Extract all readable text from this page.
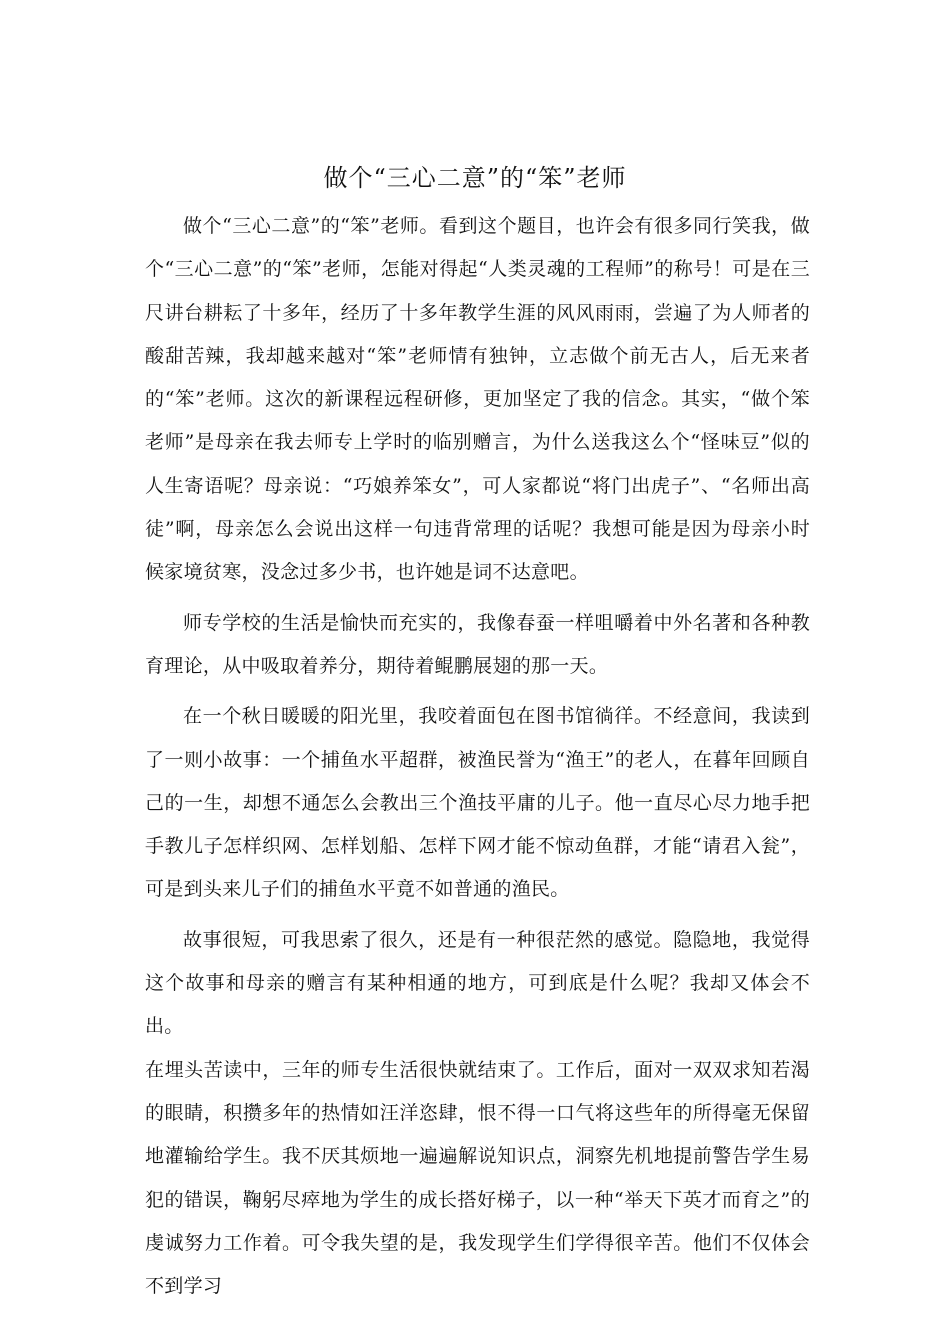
做个“三心二意”的“笨”老师

做个“三心二意”的“笨”老师。看到这个题目，也许会有很多同行笑我，做个“三心二意”的“笨”老师，怎能对得起“人类灵魂的工程师”的称号！可是在三尺讲台耕耘了十多年，经历了十多年教学生涯的风风雨雨，尝遍了为人师者的酸甜苦辣，我却越来越对“笨”老师情有独钟，立志做个前无古人，后无来者的“笨”老师。这次的新课程远程研修，更加坚定了我的信念。其实，“做个笨老师”是母亲在我去师专上学时的临别赠言，为什么送我这么个“怪味豆”似的人生寄语呢？母亲说：“巧娘养笨女”，可人家都说“将门出虎子”、“名师出高徒”啊，母亲怎么会说出这样一句违背常理的话呢？我想可能是因为母亲小时候家境贫寒，没念过多少书，也许她是词不达意吧。

师专学校的生活是愉快而充实的，我像春蚕一样咀嚼着中外名著和各种教育理论，从中吸取着养分，期待着鲲鹏展翅的那一天。

在一个秋日暖暖的阳光里，我咬着面包在图书馆徜徉。不经意间，我读到了一则小故事：一个捕鱼水平超群，被渔民誉为“渔王”的老人，在暮年回顾自己的一生，却想不通怎么会教出三个渔技平庸的儿子。他一直尽心尽力地手把手教儿子怎样织网、怎样划船、怎样下网才能不惊动鱼群，才能“请君入瓮”，可是到头来儿子们的捕鱼水平竟不如普通的渔民。

故事很短，可我思索了很久，还是有一种很茫然的感觉。隐隐地，我觉得这个故事和母亲的赠言有某种相通的地方，可到底是什么呢？我却又体会不出。

在埋头苦读中，三年的师专生活很快就结束了。工作后，面对一双双求知若渴的眼睛，积攒多年的热情如汪洋恣肆，恨不得一口气将这些年的所得毫无保留地灌输给学生。我不厌其烦地一遍遍解说知识点，洞察先机地提前警告学生易犯的错误，鞠躬尽瘁地为学生的成长搭好梯子，以一种“举天下英才而育之”的虔诚努力工作着。可令我失望的是，我发现学生们学得很辛苦。他们不仅体会不到学习
